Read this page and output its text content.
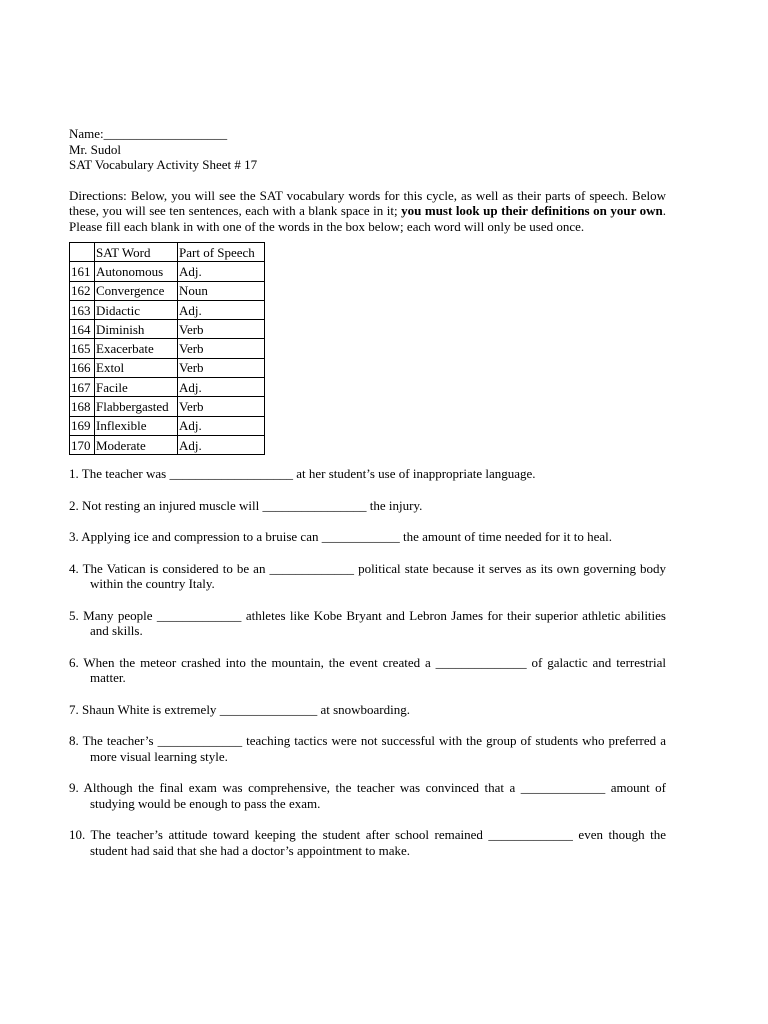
Name:___________________
Mr. Sudol
SAT Vocabulary Activity Sheet # 17
Directions: Below, you will see the SAT vocabulary words for this cycle, as well as their parts of speech. Below these, you will see ten sentences, each with a blank space in it; you must look up their definitions on your own. Please fill each blank in with one of the words in the box below; each word will only be used once.
	SAT Word	Part of Speech
161	Autonomous	Adj.
162	Convergence	Noun
163	Didactic	Adj.
164	Diminish	Verb
165	Exacerbate	Verb
166	Extol	Verb
167	Facile	Adj.
168	Flabbergasted	Verb
169	Inflexible	Adj.
170	Moderate	Adj.
1. The teacher was ___________________ at her student’s use of inappropriate language.
2. Not resting an injured muscle will ________________ the injury.
3. Applying ice and compression to a bruise can ____________ the amount of time needed for it to heal.
4. The Vatican is considered to be an _____________ political state because it serves as its own governing body within the country Italy.
5. Many people _____________ athletes like Kobe Bryant and Lebron James for their superior athletic abilities and skills.
6. When the meteor crashed into the mountain, the event created a ______________ of galactic and terrestrial matter.
7. Shaun White is extremely _______________ at snowboarding.
8. The teacher’s _____________ teaching tactics were not successful with the group of students who preferred a more visual learning style.
9. Although the final exam was comprehensive, the teacher was convinced that a _____________ amount of studying would be enough to pass the exam.
10. The teacher’s attitude toward keeping the student after school remained _____________ even though the student had said that she had a doctor’s appointment to make.
